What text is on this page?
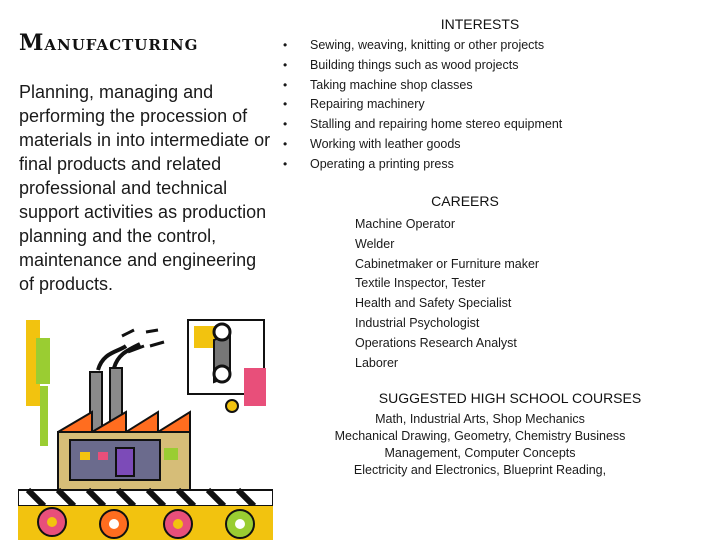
Manufacturing
Planning, managing and performing the procession of materials in into intermediate or final products and related professional and technical support activities as production planning and the control, maintenance and engineering of products.
INTERESTS
• Sewing, weaving, knitting or other projects
• Building things such as wood projects
• Taking machine shop classes
• Repairing machinery
• Stalling and repairing home stereo equipment
• Working with leather goods
• Operating a printing press
CAREERS
Machine Operator
Welder
Cabinetmaker or Furniture maker
Textile Inspector, Tester
Health and Safety Specialist
Industrial Psychologist
Operations Research Analyst
Laborer
SUGGESTED HIGH SCHOOL COURSES
Math, Industrial Arts, Shop Mechanics
Mechanical Drawing, Geometry, Chemistry Business
Management, Computer Concepts
Electricity and Electronics, Blueprint Reading,
